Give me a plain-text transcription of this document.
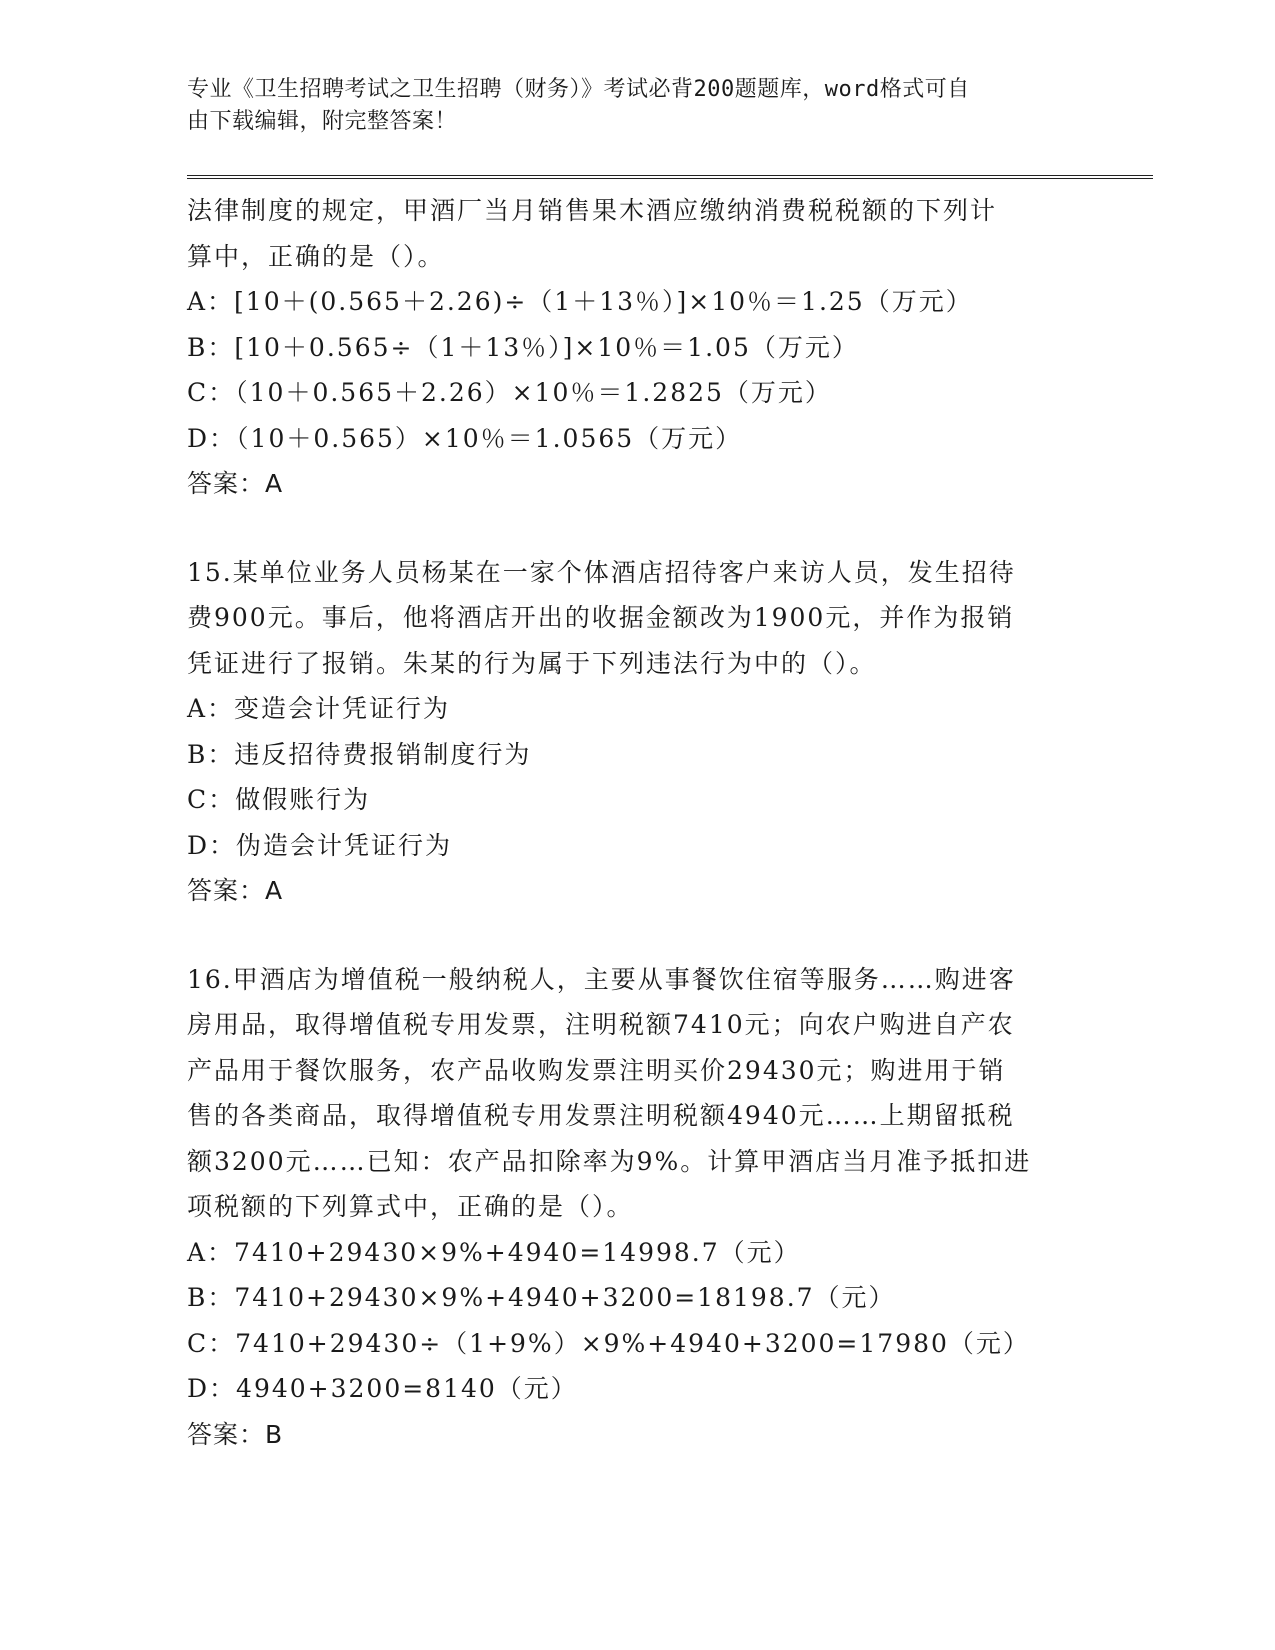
专业《卫生招聘考试之卫生招聘（财务）》考试必背200题题库，word格式可自
由下载编辑，附完整答案！
法律制度的规定，甲酒厂当月销售果木酒应缴纳消费税税额的下列计
算中，正确的是（）。
A：[10＋(0.565＋2.26)÷（1＋13％）]×10％＝1.25（万元）
B：[10＋0.565÷（1＋13％）]×10％＝1.05（万元）
C：（10＋0.565＋2.26）×10％＝1.2825（万元）
D：（10＋0.565）×10％＝1.0565（万元）
答案：A
15.某单位业务人员杨某在一家个体酒店招待客户来访人员，发生招待
费900元。事后，他将酒店开出的收据金额改为1900元，并作为报销
凭证进行了报销。朱某的行为属于下列违法行为中的（）。
A：变造会计凭证行为
B：违反招待费报销制度行为
C：做假账行为
D：伪造会计凭证行为
答案：A
16.甲酒店为增值税一般纳税人，主要从事餐饮住宿等服务……购进客
房用品，取得增值税专用发票，注明税额7410元；向农户购进自产农
产品用于餐饮服务，农产品收购发票注明买价29430元；购进用于销
售的各类商品，取得增值税专用发票注明税额4940元……上期留抵税
额3200元……已知：农产品扣除率为9%。计算甲酒店当月准予抵扣进
项税额的下列算式中，正确的是（）。
A：7410+29430×9%+4940=14998.7（元）
B：7410+29430×9%+4940+3200=18198.7（元）
C：7410+29430÷（1+9%）×9%+4940+3200=17980（元）
D：4940+3200=8140（元）
答案：B
